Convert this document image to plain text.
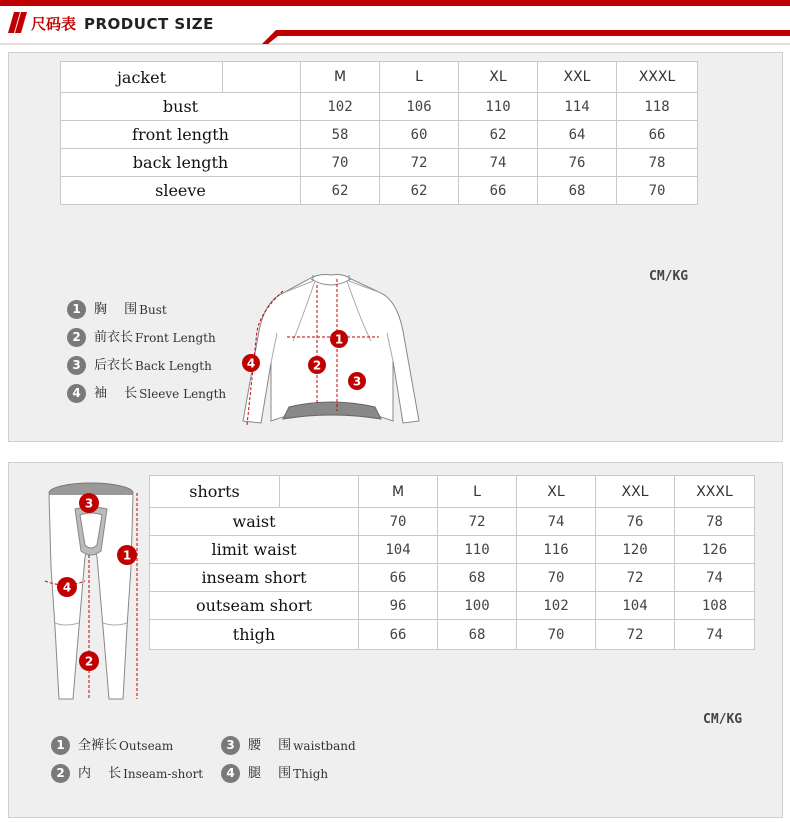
尺码表 PRODUCT SIZE
jacket		M	L	XL	XXL	XXXL
bust		102	106	110	114	118
front length		58	60	62	64	66
back length		70	72	74	76	78
sleeve		62	62	66	68	70
CM/KG
1 胸　 围 Bust
2 前衣长 Front Length
3 后衣长 Back Length
4 袖　 长 Sleeve Length
1
2
3
4
3
1
4
2
shorts		M	L	XL	XXL	XXXL
waist		70	72	74	76	78
limit waist		104	110	116	120	126
inseam short		66	68	70	72	74
outseam short		96	100	102	104	108
thigh		66	68	70	72	74
CM/KG
1 全裤长 Outseam
2 内　 长 Inseam-short
3 腰　 围 waistband
4 腿　 围 Thigh
